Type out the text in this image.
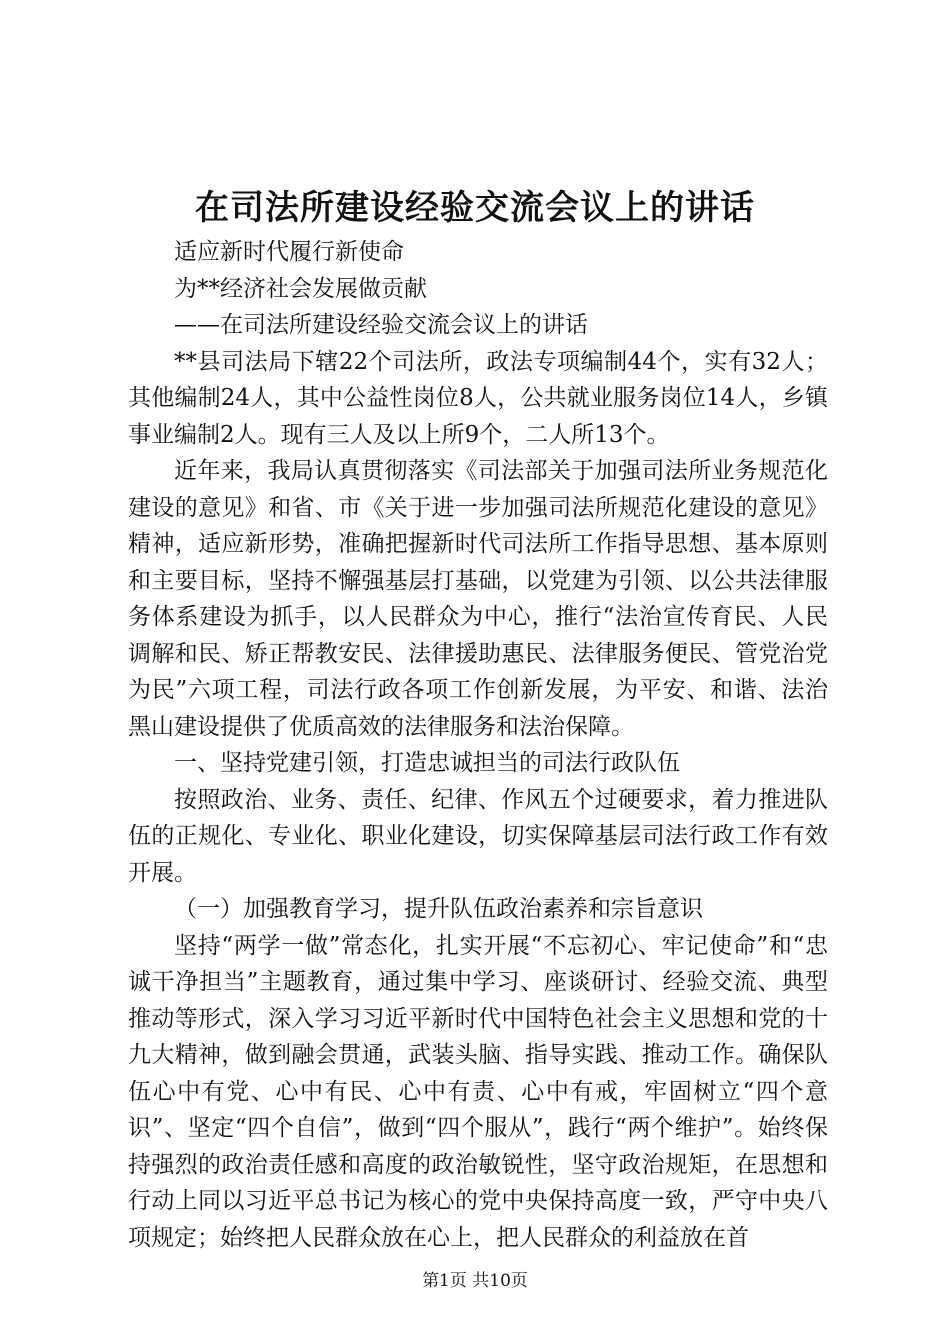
在司法所建设经验交流会议上的讲话

适应新时代履行新使命

为**经济社会发展做贡献

——在司法所建设经验交流会议上的讲话

**县司法局下辖22个司法所，政法专项编制44个，实有32人；其他编制24人，其中公益性岗位8人，公共就业服务岗位14人，乡镇事业编制2人。现有三人及以上所9个，二人所13个。

近年来，我局认真贯彻落实《司法部关于加强司法所业务规范化建设的意见》和省、市《关于进一步加强司法所规范化建设的意见》精神，适应新形势，准确把握新时代司法所工作指导思想、基本原则和主要目标，坚持不懈强基层打基础，以党建为引领、以公共法律服务体系建设为抓手，以人民群众为中心，推行“法治宣传育民、人民调解和民、矫正帮教安民、法律援助惠民、法律服务便民、管党治党为民”六项工程，司法行政各项工作创新发展，为平安、和谐、法治黑山建设提供了优质高效的法律服务和法治保障。

一、坚持党建引领，打造忠诚担当的司法行政队伍

按照政治、业务、责任、纪律、作风五个过硬要求，着力推进队伍的正规化、专业化、职业化建设，切实保障基层司法行政工作有效开展。

（一）加强教育学习，提升队伍政治素养和宗旨意识

坚持“两学一做”常态化，扎实开展“不忘初心、牢记使命”和“忠诚干净担当”主题教育，通过集中学习、座谈研讨、经验交流、典型推动等形式，深入学习习近平新时代中国特色社会主义思想和党的十九大精神，做到融会贯通，武装头脑、指导实践、推动工作。确保队伍心中有党、心中有民、心中有责、心中有戒，牢固树立“四个意识”、坚定“四个自信”，做到“四个服从”，践行“两个维护”。始终保持强烈的政治责任感和高度的政治敏锐性，坚守政治规矩，在思想和行动上同以习近平总书记为核心的党中央保持高度一致，严守中央八项规定；始终把人民群众放在心上，把人民群众的利益放在首

第1页 共10页
